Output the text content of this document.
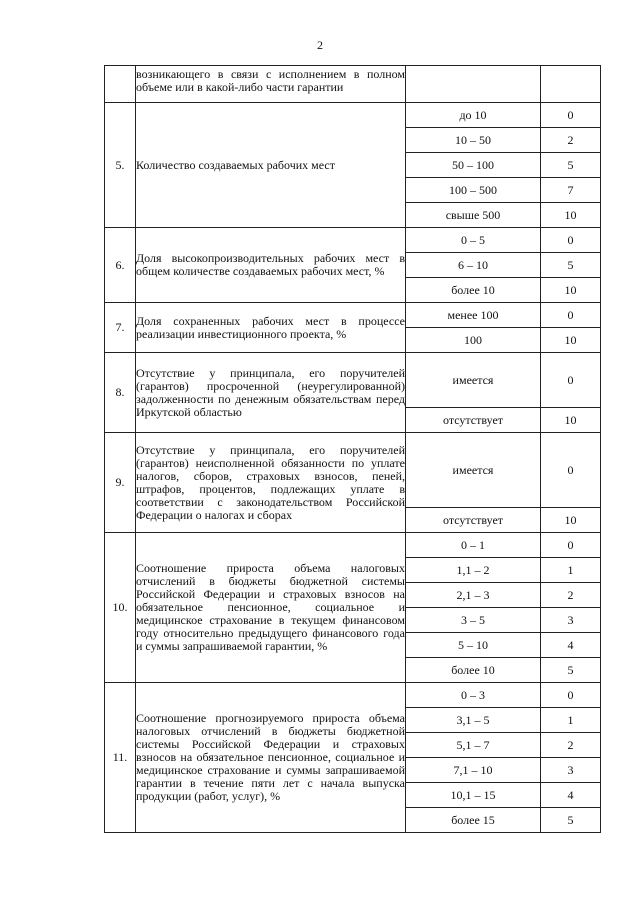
2

	возникающего в связи с исполнением в полном объеме или в какой-либо части гарантии		

5.	Количество создаваемых рабочих мест	до 10	0
		10 – 50	2
		50 – 100	5
		100 – 500	7
		свыше 500	10
6.	Доля высокопроизводительных рабочих мест в общем количестве создаваемых рабочих мест, %	0 – 5	0
		6 – 10	5
		более 10	10
7.	Доля сохраненных рабочих мест в процессе реализации инвестиционного проекта, %	менее 100	0
		100	10
8.	Отсутствие у принципала, его поручителей (гарантов) просроченной (неурегулированной) задолженности по денежным обязательствам перед Иркутской областью	имеется	0
		отсутствует	10
9.	Отсутствие у принципала, его поручителей (гарантов) неисполненной обязанности по уплате налогов, сборов, страховых взносов, пеней, штрафов, процентов, подлежащих уплате в соответствии с законодательством Российской Федерации о налогах и сборах	имеется	0
		отсутствует	10
10.	Соотношение прироста объема налоговых отчислений в бюджеты бюджетной системы Российской Федерации и страховых взносов на обязательное пенсионное, социальное и медицинское страхование в текущем финансовом году относительно предыдущего финансового года и суммы запрашиваемой гарантии, %	0 – 1	0
		1,1 – 2	1
		2,1 – 3	2
		3 – 5	3
		5 – 10	4
		более 10	5
11.	Соотношение прогнозируемого прироста объема налоговых отчислений в бюджеты бюджетной системы Российской Федерации и страховых взносов на обязательное пенсионное, социальное и медицинское страхование и суммы запрашиваемой гарантии в течение пяти лет с начала выпуска продукции (работ, услуг), %	0 – 3	0
		3,1 – 5	1
		5,1 – 7	2
		7,1 – 10	3
		10,1 – 15	4
		более 15	5
